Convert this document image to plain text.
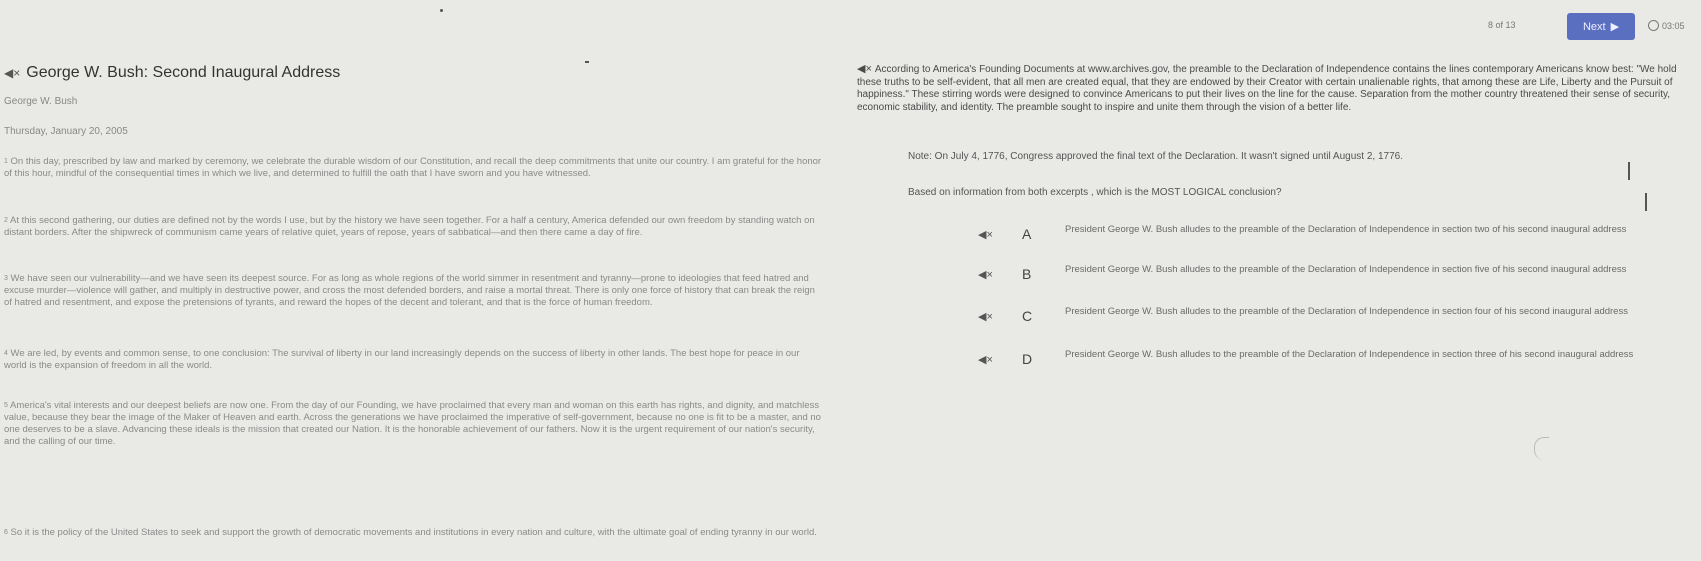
8 of 13	Next ▶	03:05
◀× George W. Bush: Second Inaugural Address
George W. Bush
Thursday, January 20, 2005
$^1$ On this day, prescribed by law and marked by ceremony, we celebrate the durable wisdom of our Constitution, and recall the deep commitments that unite our country. I am grateful for the honor of this hour, mindful of the consequential times in which we live, and determined to fulfill the oath that I have sworn and you have witnessed.
$^2$ At this second gathering, our duties are defined not by the words I use, but by the history we have seen together. For a half a century, America defended our own freedom by standing watch on distant borders. After the shipwreck of communism came years of relative quiet, years of repose, years of sabbatical—and then there came a day of fire.
$^3$ We have seen our vulnerability—and we have seen its deepest source. For as long as whole regions of the world simmer in resentment and tyranny—prone to ideologies that feed hatred and excuse murder—violence will gather, and multiply in destructive power, and cross the most defended borders, and raise a mortal threat. There is only one force of history that can break the reign of hatred and resentment, and expose the pretensions of tyrants, and reward the hopes of the decent and tolerant, and that is the force of human freedom.
$^4$ We are led, by events and common sense, to one conclusion: The survival of liberty in our land increasingly depends on the success of liberty in other lands. The best hope for peace in our world is the expansion of freedom in all the world.
$^5$ America's vital interests and our deepest beliefs are now one. From the day of our Founding, we have proclaimed that every man and woman on this earth has rights, and dignity, and matchless value, because they bear the image of the Maker of Heaven and earth. Across the generations we have proclaimed the imperative of self-government, because no one is fit to be a master, and no one deserves to be a slave. Advancing these ideals is the mission that created our Nation. It is the honorable achievement of our fathers. Now it is the urgent requirement of our nation's security, and the calling of our time.
$^6$ So it is the policy of the United States to seek and support the growth of democratic movements and institutions in every nation and culture, with the ultimate goal of ending tyranny in our world.
◀× According to America's Founding Documents at www.archives.gov, the preamble to the Declaration of Independence contains the lines contemporary Americans know best: "We hold these truths to be self-evident, that all men are created equal, that they are endowed by their Creator with certain unalienable rights, that among these are Life, Liberty and the Pursuit of happiness." These stirring words were designed to convince Americans to put their lives on the line for the cause. Separation from the mother country threatened their sense of security, economic stability, and identity. The preamble sought to inspire and unite them through the vision of a better life.
Note: On July 4, 1776, Congress approved the final text of the Declaration. It wasn't signed until August 2, 1776.
Based on information from both excerpts , which is the MOST LOGICAL conclusion?
◀× A	President George W. Bush alludes to the preamble of the Declaration of Independence in section two of his second inaugural address
◀× B	President George W. Bush alludes to the preamble of the Declaration of Independence in section five of his second inaugural address
◀× C	President George W. Bush alludes to the preamble of the Declaration of Independence in section four of his second inaugural address
◀× D	President George W. Bush alludes to the preamble of the Declaration of Independence in section three of his second inaugural address
